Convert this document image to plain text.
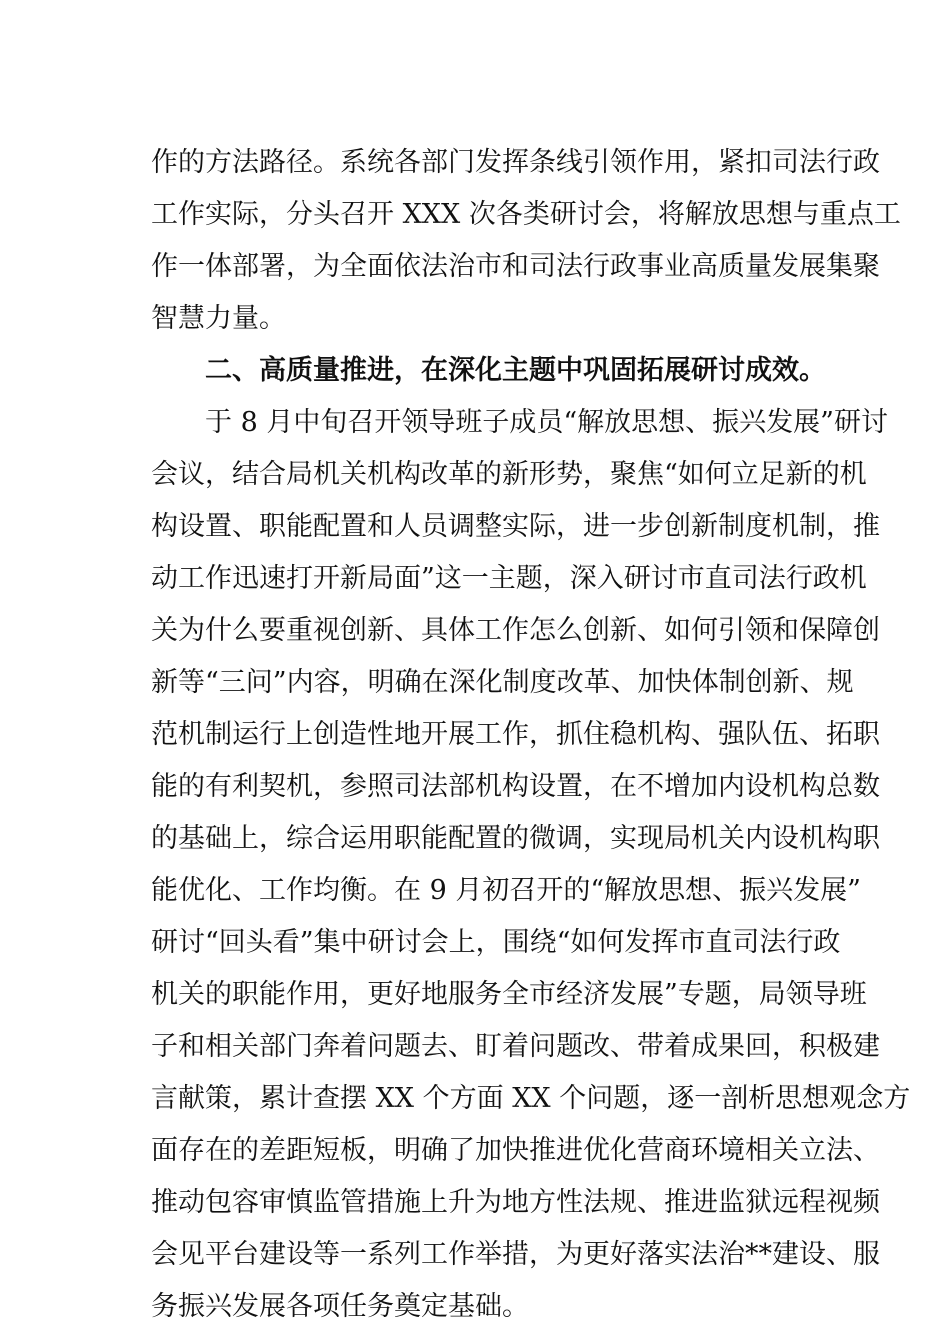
作的方法路径。系统各部门发挥条线引领作用，紧扣司法行政
工作实际，分头召开 XXX 次各类研讨会，将解放思想与重点工
作一体部署，为全面依法治市和司法行政事业高质量发展集聚
智慧力量。
　　二、高质量推进，在深化主题中巩固拓展研讨成效。
　　于 8 月中旬召开领导班子成员“解放思想、振兴发展”研讨
会议，结合局机关机构改革的新形势，聚焦“如何立足新的机
构设置、职能配置和人员调整实际，进一步创新制度机制，推
动工作迅速打开新局面”这一主题，深入研讨市直司法行政机
关为什么要重视创新、具体工作怎么创新、如何引领和保障创
新等“三问”内容，明确在深化制度改革、加快体制创新、规
范机制运行上创造性地开展工作，抓住稳机构、强队伍、拓职
能的有利契机，参照司法部机构设置，在不增加内设机构总数
的基础上，综合运用职能配置的微调，实现局机关内设机构职
能优化、工作均衡。在 9 月初召开的“解放思想、振兴发展”
研讨“回头看”集中研讨会上，围绕“如何发挥市直司法行政
机关的职能作用，更好地服务全市经济发展”专题，局领导班
子和相关部门奔着问题去、盯着问题改、带着成果回，积极建
言献策，累计查摆 XX 个方面 XX 个问题，逐一剖析思想观念方
面存在的差距短板，明确了加快推进优化营商环境相关立法、
推动包容审慎监管措施上升为地方性法规、推进监狱远程视频
会见平台建设等一系列工作举措，为更好落实法治**建设、服
务振兴发展各项任务奠定基础。
